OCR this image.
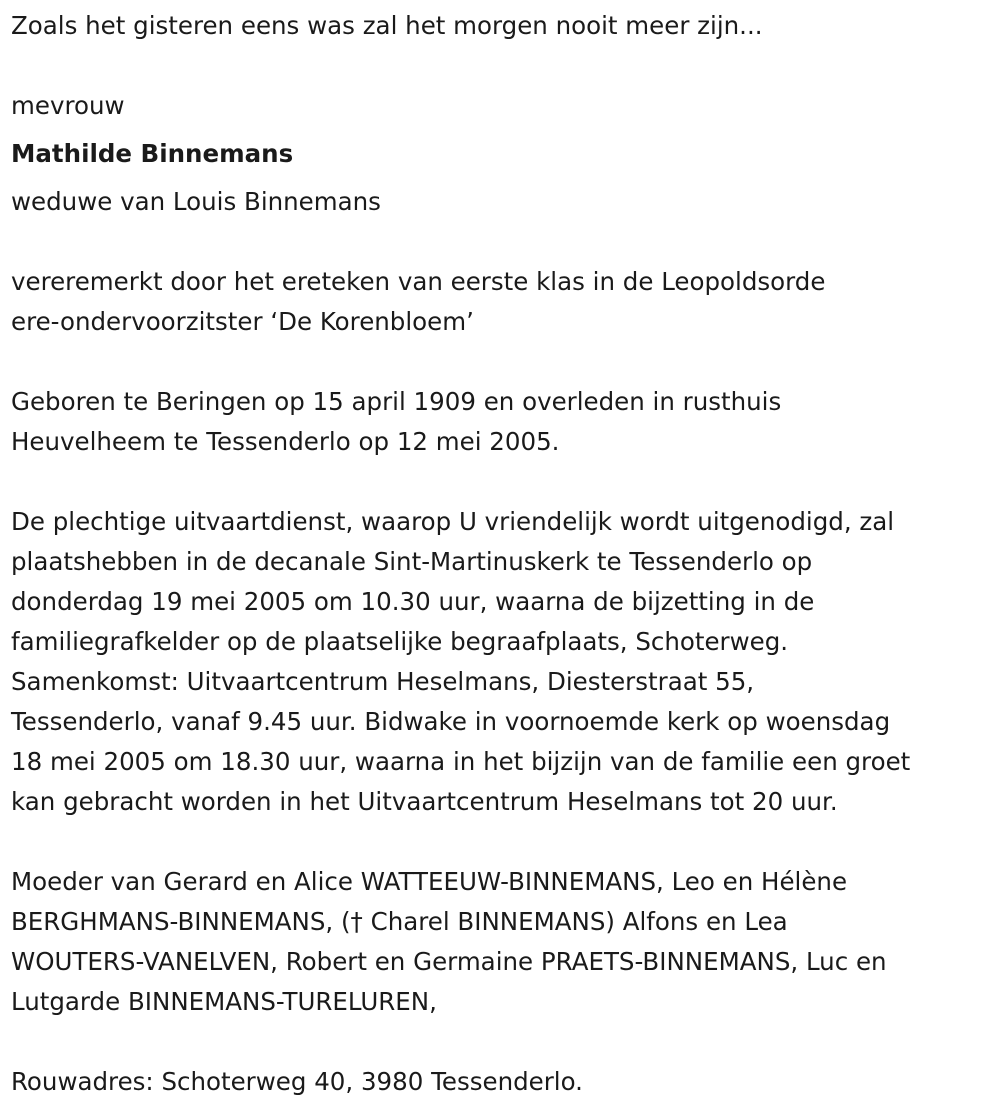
Zoals het gisteren eens was zal het morgen nooit meer zijn...
mevrouw
Mathilde Binnemans
weduwe van Louis Binnemans
vereremerkt door het ereteken van eerste klas in de Leopoldsorde
ere-ondervoorzitster ‘De Korenbloem’
Geboren te Beringen op 15 april 1909 en overleden in rusthuis
Heuvelheem te Tessenderlo op 12 mei 2005.
De plechtige uitvaartdienst, waarop U vriendelijk wordt uitgenodigd, zal
plaatshebben in de decanale Sint-Martinuskerk te Tessenderlo op
donderdag 19 mei 2005 om 10.30 uur, waarna de bijzetting in de
familiegrafkelder op de plaatselijke begraafplaats, Schoterweg.
Samenkomst: Uitvaartcentrum Heselmans, Diesterstraat 55,
Tessenderlo, vanaf 9.45 uur. Bidwake in voornoemde kerk op woensdag
18 mei 2005 om 18.30 uur, waarna in het bijzijn van de familie een groet
kan gebracht worden in het Uitvaartcentrum Heselmans tot 20 uur.
Moeder van Gerard en Alice WATTEEUW-BINNEMANS, Leo en Hélène
BERGHMANS-BINNEMANS, († Charel BINNEMANS) Alfons en Lea
WOUTERS-VANELVEN, Robert en Germaine PRAETS-BINNEMANS, Luc en
Lutgarde BINNEMANS-TURELUREN,
Rouwadres: Schoterweg 40, 3980 Tessenderlo.
